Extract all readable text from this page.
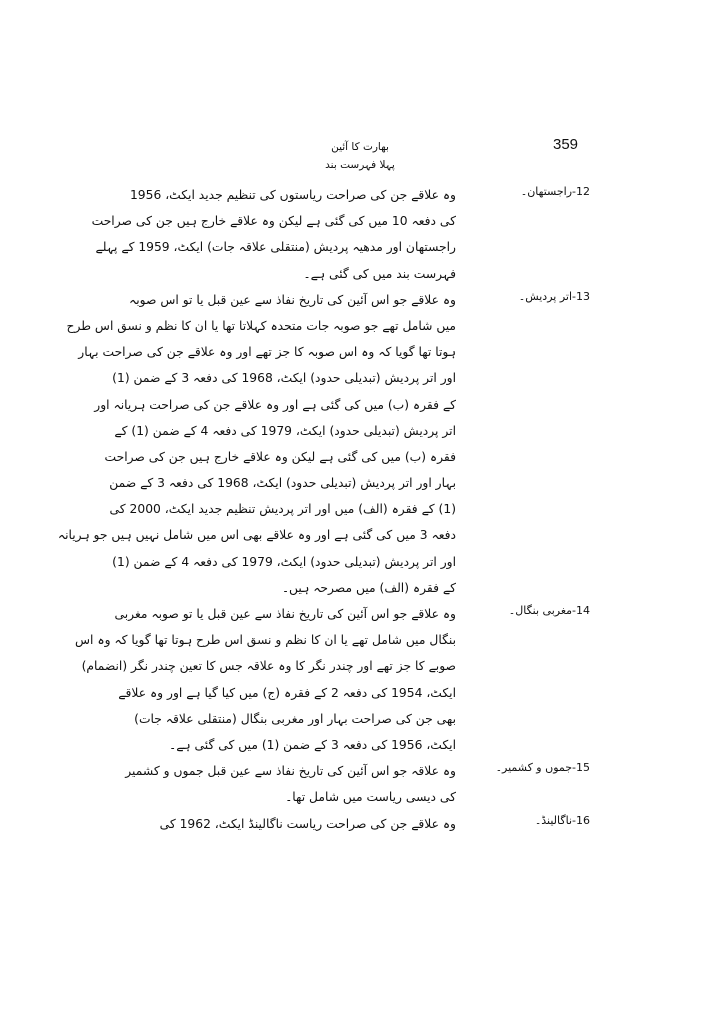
359
بھارت کا آئین
پہلا فہرست بند
12-راجستھان۔
وہ علاقے جن کی صراحت ریاستوں کی تنظیم جدید ایکٹ، 1956
کی دفعہ 10 میں کی گئی ہے لیکن وہ علاقے خارج ہیں جن کی صراحت
راجستھان اور مدھیہ پردیش (منتقلی علاقہ جات) ایکٹ، 1959 کے پہلے
فہرست بند میں کی گئی ہے۔
13-اتر پردیش۔
وہ علاقے جو اس آئین کی تاریخ نفاذ سے عین قبل یا تو اس صوبہ
میں شامل تھے جو صوبہ جات متحدہ کہلاتا تھا یا ان کا نظم و نسق اس طرح
ہوتا تھا گویا کہ وہ اس صوبہ کا جز تھے اور وہ علاقے جن کی صراحت بہار
اور اتر پردیش (تبدیلی حدود) ایکٹ، 1968 کی دفعہ 3 کے ضمن (1)
کے فقرہ (ب) میں کی گئی ہے اور وہ علاقے جن کی صراحت ہریانہ اور
اتر پردیش (تبدیلی حدود) ایکٹ، 1979 کی دفعہ 4 کے ضمن (1) کے
فقرہ (ب) میں کی گئی ہے لیکن وہ علاقے خارج ہیں جن کی صراحت
بہار اور اتر پردیش (تبدیلی حدود) ایکٹ، 1968 کی دفعہ 3 کے ضمن
(1) کے فقرہ (الف) میں اور اتر پردیش تنظیم جدید ایکٹ، 2000 کی
دفعہ 3 میں کی گئی ہے اور وہ علاقے بھی اس میں شامل نہیں ہیں جو ہریانہ
اور اتر پردیش (تبدیلی حدود) ایکٹ، 1979 کی دفعہ 4 کے ضمن (1)
کے فقرہ (الف) میں مصرحہ ہیں۔
14-مغربی بنگال۔
وہ علاقے جو اس آئین کی تاریخ نفاذ سے عین قبل یا تو صوبہ مغربی
بنگال میں شامل تھے یا ان کا نظم و نسق اس طرح ہوتا تھا گویا کہ وہ اس
صوبے کا جز تھے اور چندر نگر کا وہ علاقہ جس کا تعین چندر نگر (انضمام)
ایکٹ، 1954 کی دفعہ 2 کے فقرہ (ج) میں کیا گیا ہے اور وہ علاقے
بھی جن کی صراحت بہار اور مغربی بنگال (منتقلی علاقہ جات)
ایکٹ، 1956 کی دفعہ 3 کے ضمن (1) میں کی گئی ہے۔
15-جموں و کشمیر۔
وہ علاقہ جو اس آئین کی تاریخ نفاذ سے عین قبل جموں و کشمیر
کی دیسی ریاست میں شامل تھا۔
16-ناگالینڈ۔
وہ علاقے جن کی صراحت ریاست ناگالینڈ ایکٹ، 1962 کی
